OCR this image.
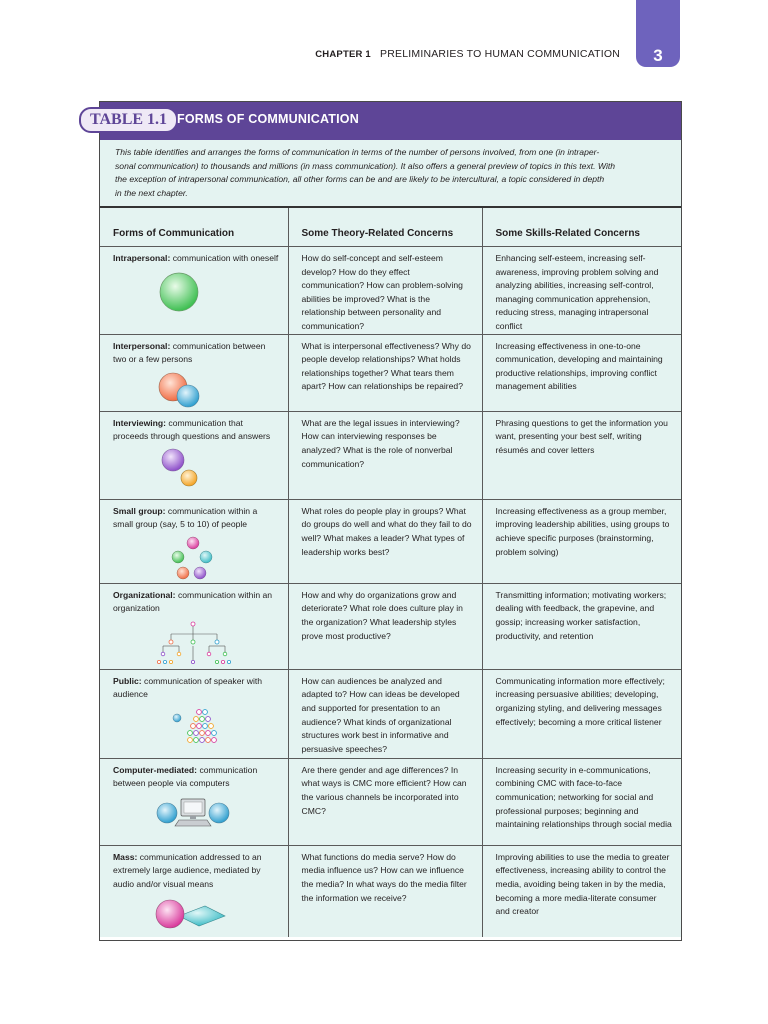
3
CHAPTER 1 PRELIMINARIES TO HUMAN COMMUNICATION
TABLE 1.1 FORMS OF COMMUNICATION
This table identifies and arranges the forms of communication in terms of the number of persons involved, from one (in intraper-
sonal communication) to thousands and millions (in mass communication). It also offers a general preview of topics in this text. With
the exception of intrapersonal communication, all other forms can be and are likely to be intercultural, a topic considered in depth
in the next chapter.
Forms of Communication	Some Theory-Related Concerns	Some Skills-Related Concerns
Intrapersonal: communication with oneself	How do self-concept and self-esteem develop? How do they effect communication? How can problem-solving abilities be improved? What is the relationship between personality and communication?	Enhancing self-esteem, increasing self-awareness, improving problem solving and analyzing abilities, increasing self-control, managing communication apprehension, reducing stress, managing intrapersonal conflict
Interpersonal: communication between two or a few persons	What is interpersonal effectiveness? Why do people develop relationships? What holds relationships together? What tears them apart? How can relationships be repaired?	Increasing effectiveness in one-to-one communication, developing and maintaining productive relationships, improving conflict management abilities
Interviewing: communication that proceeds through questions and answers	What are the legal issues in interviewing? How can interviewing responses be analyzed? What is the role of nonverbal communication?	Phrasing questions to get the information you want, presenting your best self, writing résumés and cover letters
Small group: communication within a small group (say, 5 to 10) of people	What roles do people play in groups? What do groups do well and what do they fail to do well? What makes a leader? What types of leadership works best?	Increasing effectiveness as a group member, improving leadership abilities, using groups to achieve specific purposes (brainstorming, problem solving)
Organizational: communication within an organization	How and why do organizations grow and deteriorate? What role does culture play in the organization? What leadership styles prove most productive?	Transmitting information; motivating workers; dealing with feedback, the grapevine, and gossip; increasing worker satisfaction, productivity, and retention
Public: communication of speaker with audience	How can audiences be analyzed and adapted to? How can ideas be developed and supported for presentation to an audience? What kinds of organizational structures work best in informative and persuasive speeches?	Communicating information more effectively; increasing persuasive abilities; developing, organizing styling, and delivering messages effectively; becoming a more critical listener
Computer-mediated: communication between people via computers	Are there gender and age differences? In what ways is CMC more efficient? How can the various channels be incorporated into CMC?	Increasing security in e-communications, combining CMC with face-to-face communication; networking for social and professional purposes; beginning and maintaining relationships through social media
Mass: communication addressed to an extremely large audience, mediated by audio and/or visual means	What functions do media serve? How do media influence us? How can we influence the media? In what ways do the media filter the information we receive?	Improving abilities to use the media to greater effectiveness, increasing ability to control the media, avoiding being taken in by the media, becoming a more media-literate consumer and creator
